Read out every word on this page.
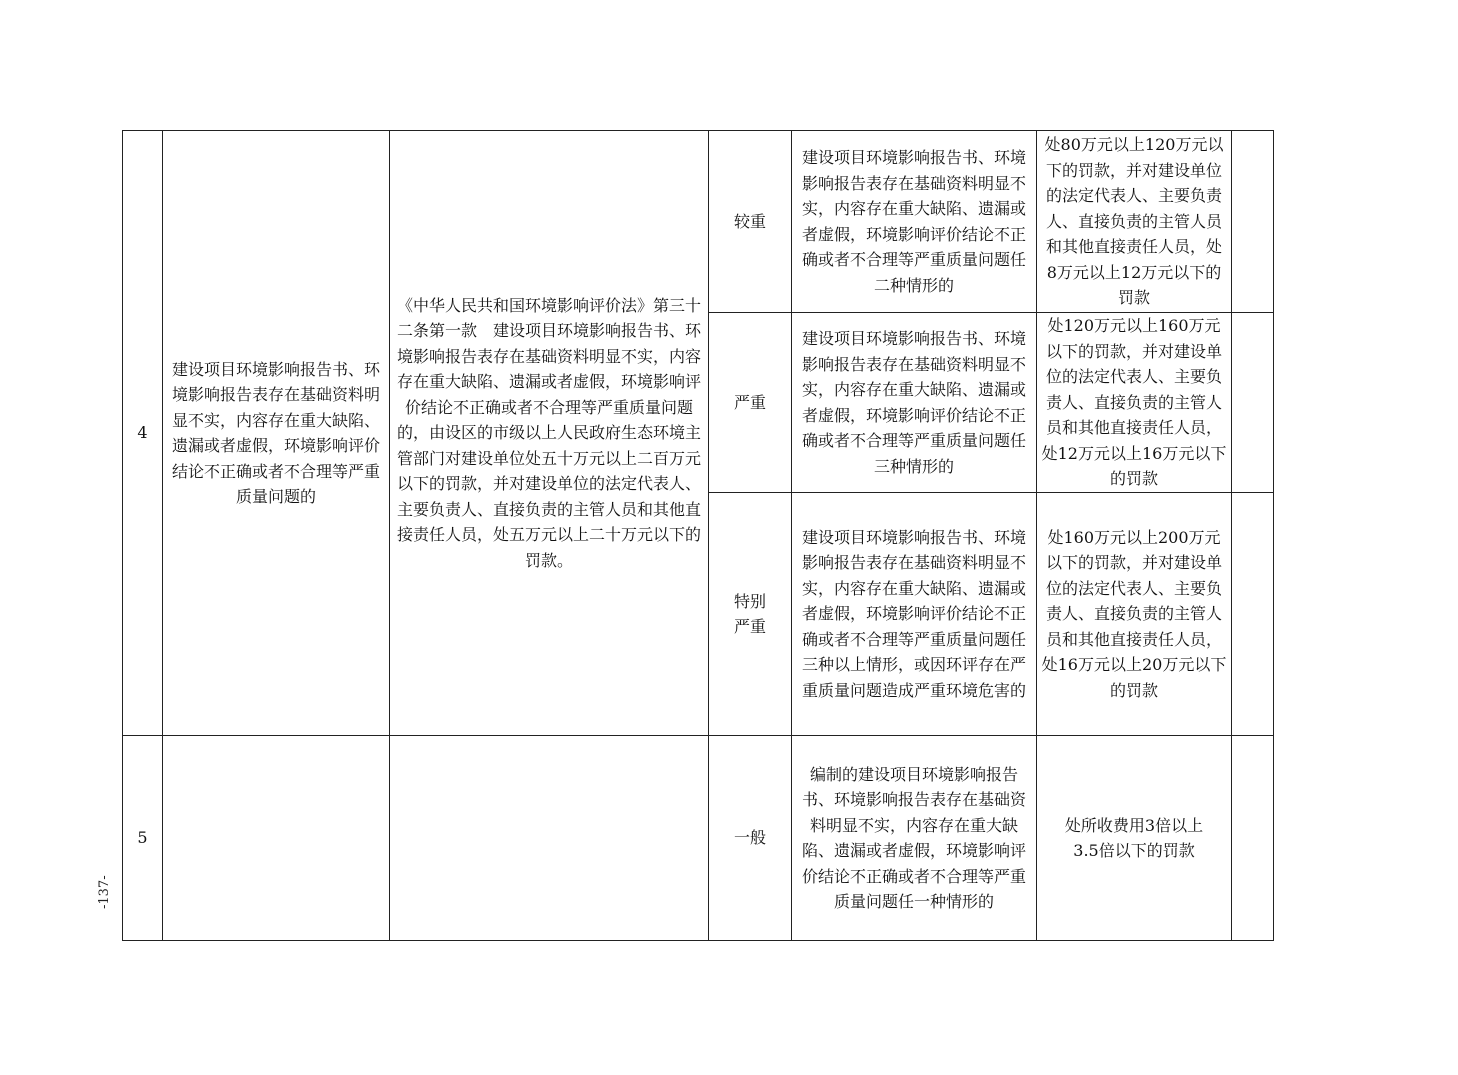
4	建设项目环境影响报告书、环境影响报告表存在基础资料明显不实，内容存在重大缺陷、遗漏或者虚假，环境影响评价结论不正确或者不合理等严重质量问题的	《中华人民共和国环境影响评价法》第三十二条第一款　建设项目环境影响报告书、环境影响报告表存在基础资料明显不实，内容存在重大缺陷、遗漏或者虚假，环境影响评价结论不正确或者不合理等严重质量问题的，由设区的市级以上人民政府生态环境主管部门对建设单位处五十万元以上二百万元以下的罚款，并对建设单位的法定代表人、主要负责人、直接负责的主管人员和其他直接责任人员，处五万元以上二十万元以下的罚款。	较重	建设项目环境影响报告书、环境影响报告表存在基础资料明显不实，内容存在重大缺陷、遗漏或者虚假，环境影响评价结论不正确或者不合理等严重质量问题任二种情形的	处80万元以上120万元以下的罚款，并对建设单位的法定代表人、主要负责人、直接负责的主管人员和其他直接责任人员，处8万元以上12万元以下的罚款	
			严重	建设项目环境影响报告书、环境影响报告表存在基础资料明显不实，内容存在重大缺陷、遗漏或者虚假，环境影响评价结论不正确或者不合理等严重质量问题任三种情形的	处120万元以上160万元以下的罚款，并对建设单位的法定代表人、主要负责人、直接负责的主管人员和其他直接责任人员，处12万元以上16万元以下的罚款	
			特别严重	建设项目环境影响报告书、环境影响报告表存在基础资料明显不实，内容存在重大缺陷、遗漏或者虚假，环境影响评价结论不正确或者不合理等严重质量问题任三种以上情形，或因环评存在严重质量问题造成严重环境危害的	处160万元以上200万元以下的罚款，并对建设单位的法定代表人、主要负责人、直接负责的主管人员和其他直接责任人员，处16万元以上20万元以下的罚款	
5			一般	编制的建设项目环境影响报告书、环境影响报告表存在基础资料明显不实，内容存在重大缺陷、遗漏或者虚假，环境影响评价结论不正确或者不合理等严重质量问题任一种情形的	处所收费用3倍以上3.5倍以下的罚款	
-137-
